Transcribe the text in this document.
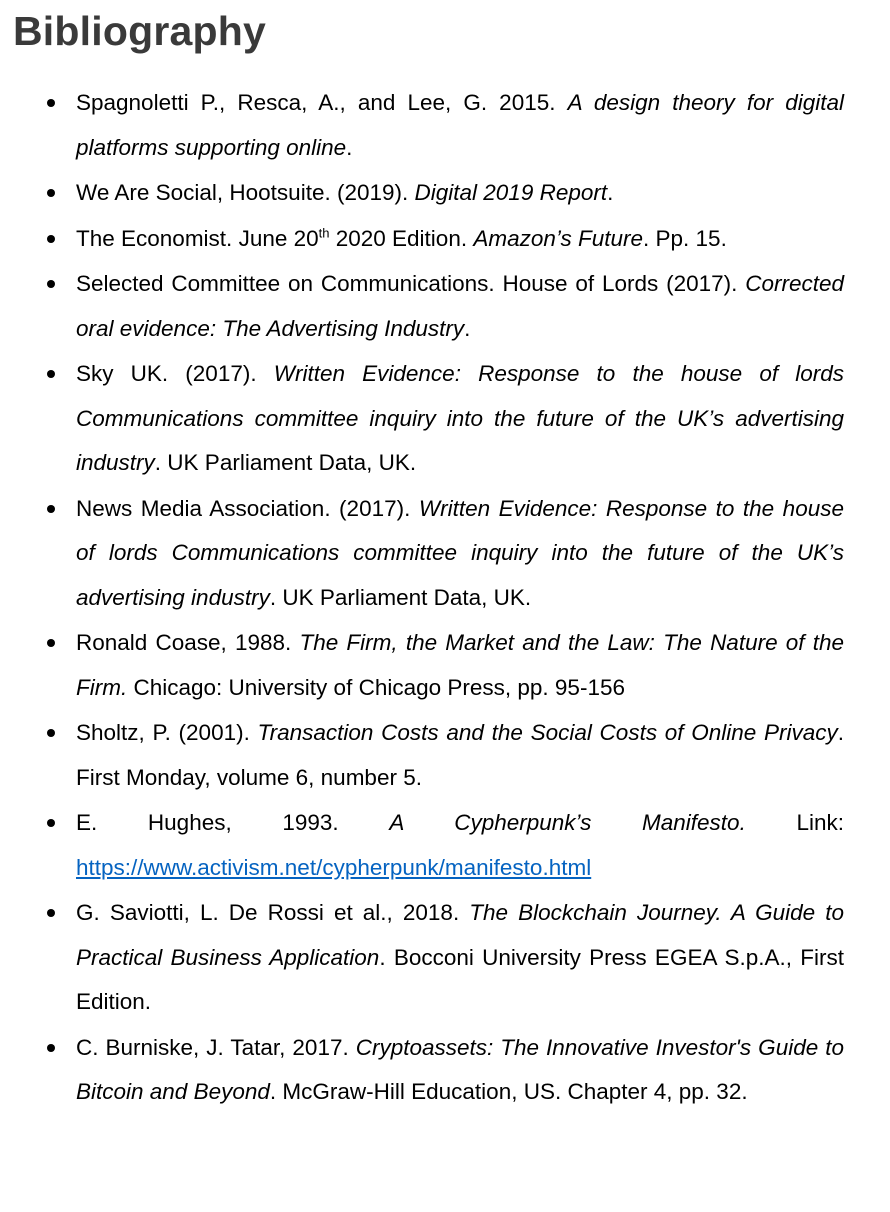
Bibliography
Spagnoletti P., Resca, A., and Lee, G. 2015. A design theory for digital platforms supporting online.
We Are Social, Hootsuite. (2019). Digital 2019 Report.
The Economist. June 20th 2020 Edition. Amazon’s Future. Pp. 15.
Selected Committee on Communications. House of Lords (2017). Corrected oral evidence: The Advertising Industry.
Sky UK. (2017). Written Evidence: Response to the house of lords Communications committee inquiry into the future of the UK’s advertising industry. UK Parliament Data, UK.
News Media Association. (2017). Written Evidence: Response to the house of lords Communications committee inquiry into the future of the UK’s advertising industry. UK Parliament Data, UK.
Ronald Coase, 1988. The Firm, the Market and the Law: The Nature of the Firm. Chicago: University of Chicago Press, pp. 95-156
Sholtz, P. (2001). Transaction Costs and the Social Costs of Online Privacy. First Monday, volume 6, number 5.
E. Hughes, 1993. A Cypherpunk’s Manifesto. Link: https://www.activism.net/cypherpunk/manifesto.html
G. Saviotti, L. De Rossi et al., 2018. The Blockchain Journey. A Guide to Practical Business Application. Bocconi University Press EGEA S.p.A., First Edition.
C. Burniske, J. Tatar, 2017. Cryptoassets: The Innovative Investor's Guide to Bitcoin and Beyond. McGraw-Hill Education, US. Chapter 4, pp. 32.
